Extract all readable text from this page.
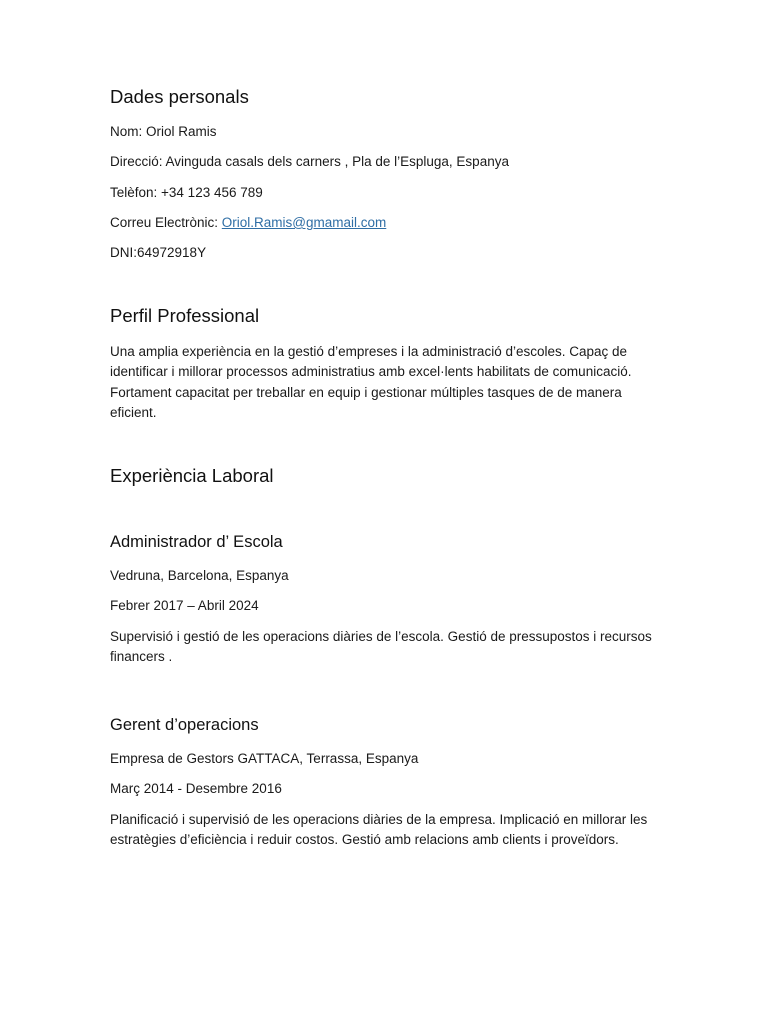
Dades personals

Nom: Oriol Ramis

Direcció: Avinguda casals dels carners , Pla de l’Espluga, Espanya

Telèfon: +34 123 456 789

Correu Electrònic: Oriol.Ramis@gmamail.com

DNI:64972918Y

Perfil Professional

Una amplia experiència en la gestió d’empreses i la administració d’escoles. Capaç de identificar i millorar processos administratius amb excel·lents habilitats de comunicació. Fortament capacitat per treballar en equip i gestionar múltiples tasques de de manera eficient.

Experiència Laboral
Administrador d’ Escola

Vedruna, Barcelona, Espanya

Febrer 2017 – Abril 2024

Supervisió i gestió de les operacions diàries de l’escola. Gestió de pressupostos i recursos financers .

Gerent d’operacions

Empresa de Gestors GATTACA, Terrassa, Espanya

Març 2014 - Desembre 2016

Planificació i supervisió de les operacions diàries de la empresa. Implicació en millorar les estratègies d’eficiència i reduir costos. Gestió amb relacions amb clients i proveïdors.
